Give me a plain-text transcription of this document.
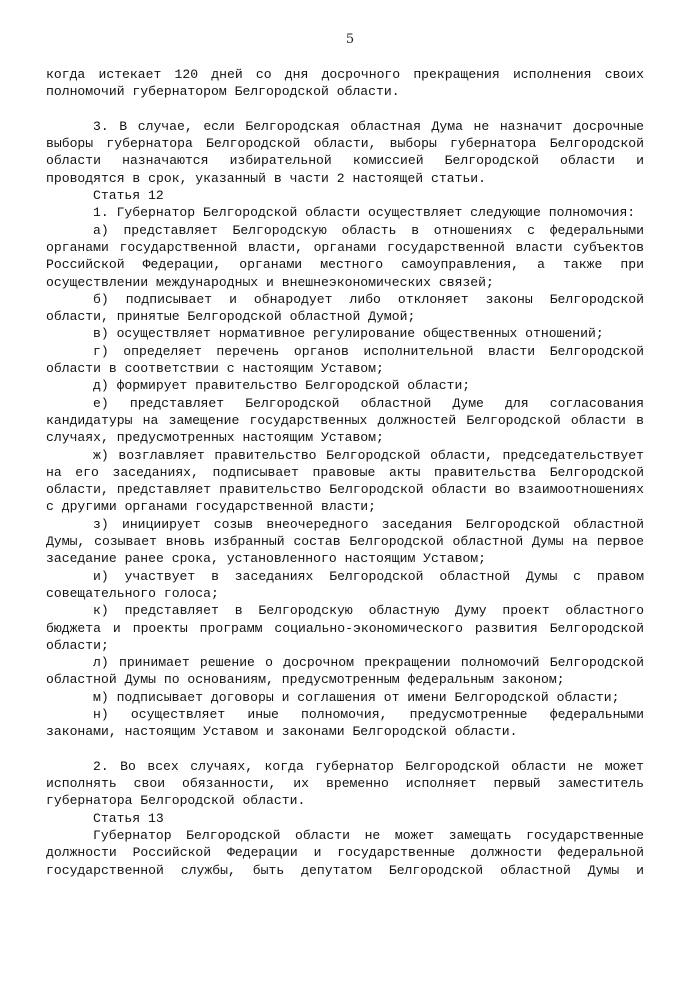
5

когда истекает 120 дней со дня досрочного прекращения исполнения своих полномочий губернатором Белгородской области.

3. В случае, если Белгородская областная Дума не назначит досрочные выборы губернатора Белгородской области, выборы губернатора Белгородской области назначаются избирательной комиссией Белгородской области и проводятся в срок, указанный в части 2 настоящей статьи.

Статья 12

1. Губернатор Белгородской области осуществляет следующие полномочия:

а) представляет Белгородскую область в отношениях с федеральными органами государственной власти, органами государственной власти субъектов Российской Федерации, органами местного самоуправления, а также при осуществлении международных и внешнеэкономических связей;

б) подписывает и обнародует либо отклоняет законы Белгородской области, принятые Белгородской областной Думой;

в) осуществляет нормативное регулирование общественных отношений;

г) определяет перечень органов исполнительной власти Белгородской области в соответствии с настоящим Уставом;

д) формирует правительство Белгородской области;

е) представляет Белгородской областной Думе для согласования кандидатуры на замещение государственных должностей Белгородской области в случаях, предусмотренных настоящим Уставом;

ж) возглавляет правительство Белгородской области, председательствует на его заседаниях, подписывает правовые акты правительства Белгородской области, представляет правительство Белгородской области во взаимоотношениях с другими органами государственной власти;

з) инициирует созыв внеочередного заседания Белгородской областной Думы, созывает вновь избранный состав Белгородской областной Думы на первое заседание ранее срока, установленного настоящим Уставом;

и) участвует в заседаниях Белгородской областной Думы с правом совещательного голоса;

к) представляет в Белгородскую областную Думу проект областного бюджета и проекты программ социально-экономического развития Белгородской области;

л) принимает решение о досрочном прекращении полномочий Белгородской областной Думы по основаниям, предусмотренным федеральным законом;

м) подписывает договоры и соглашения от имени Белгородской области;

н) осуществляет иные полномочия, предусмотренные федеральными законами, настоящим Уставом и законами Белгородской области.

2. Во всех случаях, когда губернатор Белгородской области не может исполнять свои обязанности, их временно исполняет первый заместитель губернатора Белгородской области.

Статья 13

Губернатор Белгородской области не может замещать государственные должности Российской Федерации и государственные должности федеральной государственной службы, быть депутатом Белгородской областной Думы и
